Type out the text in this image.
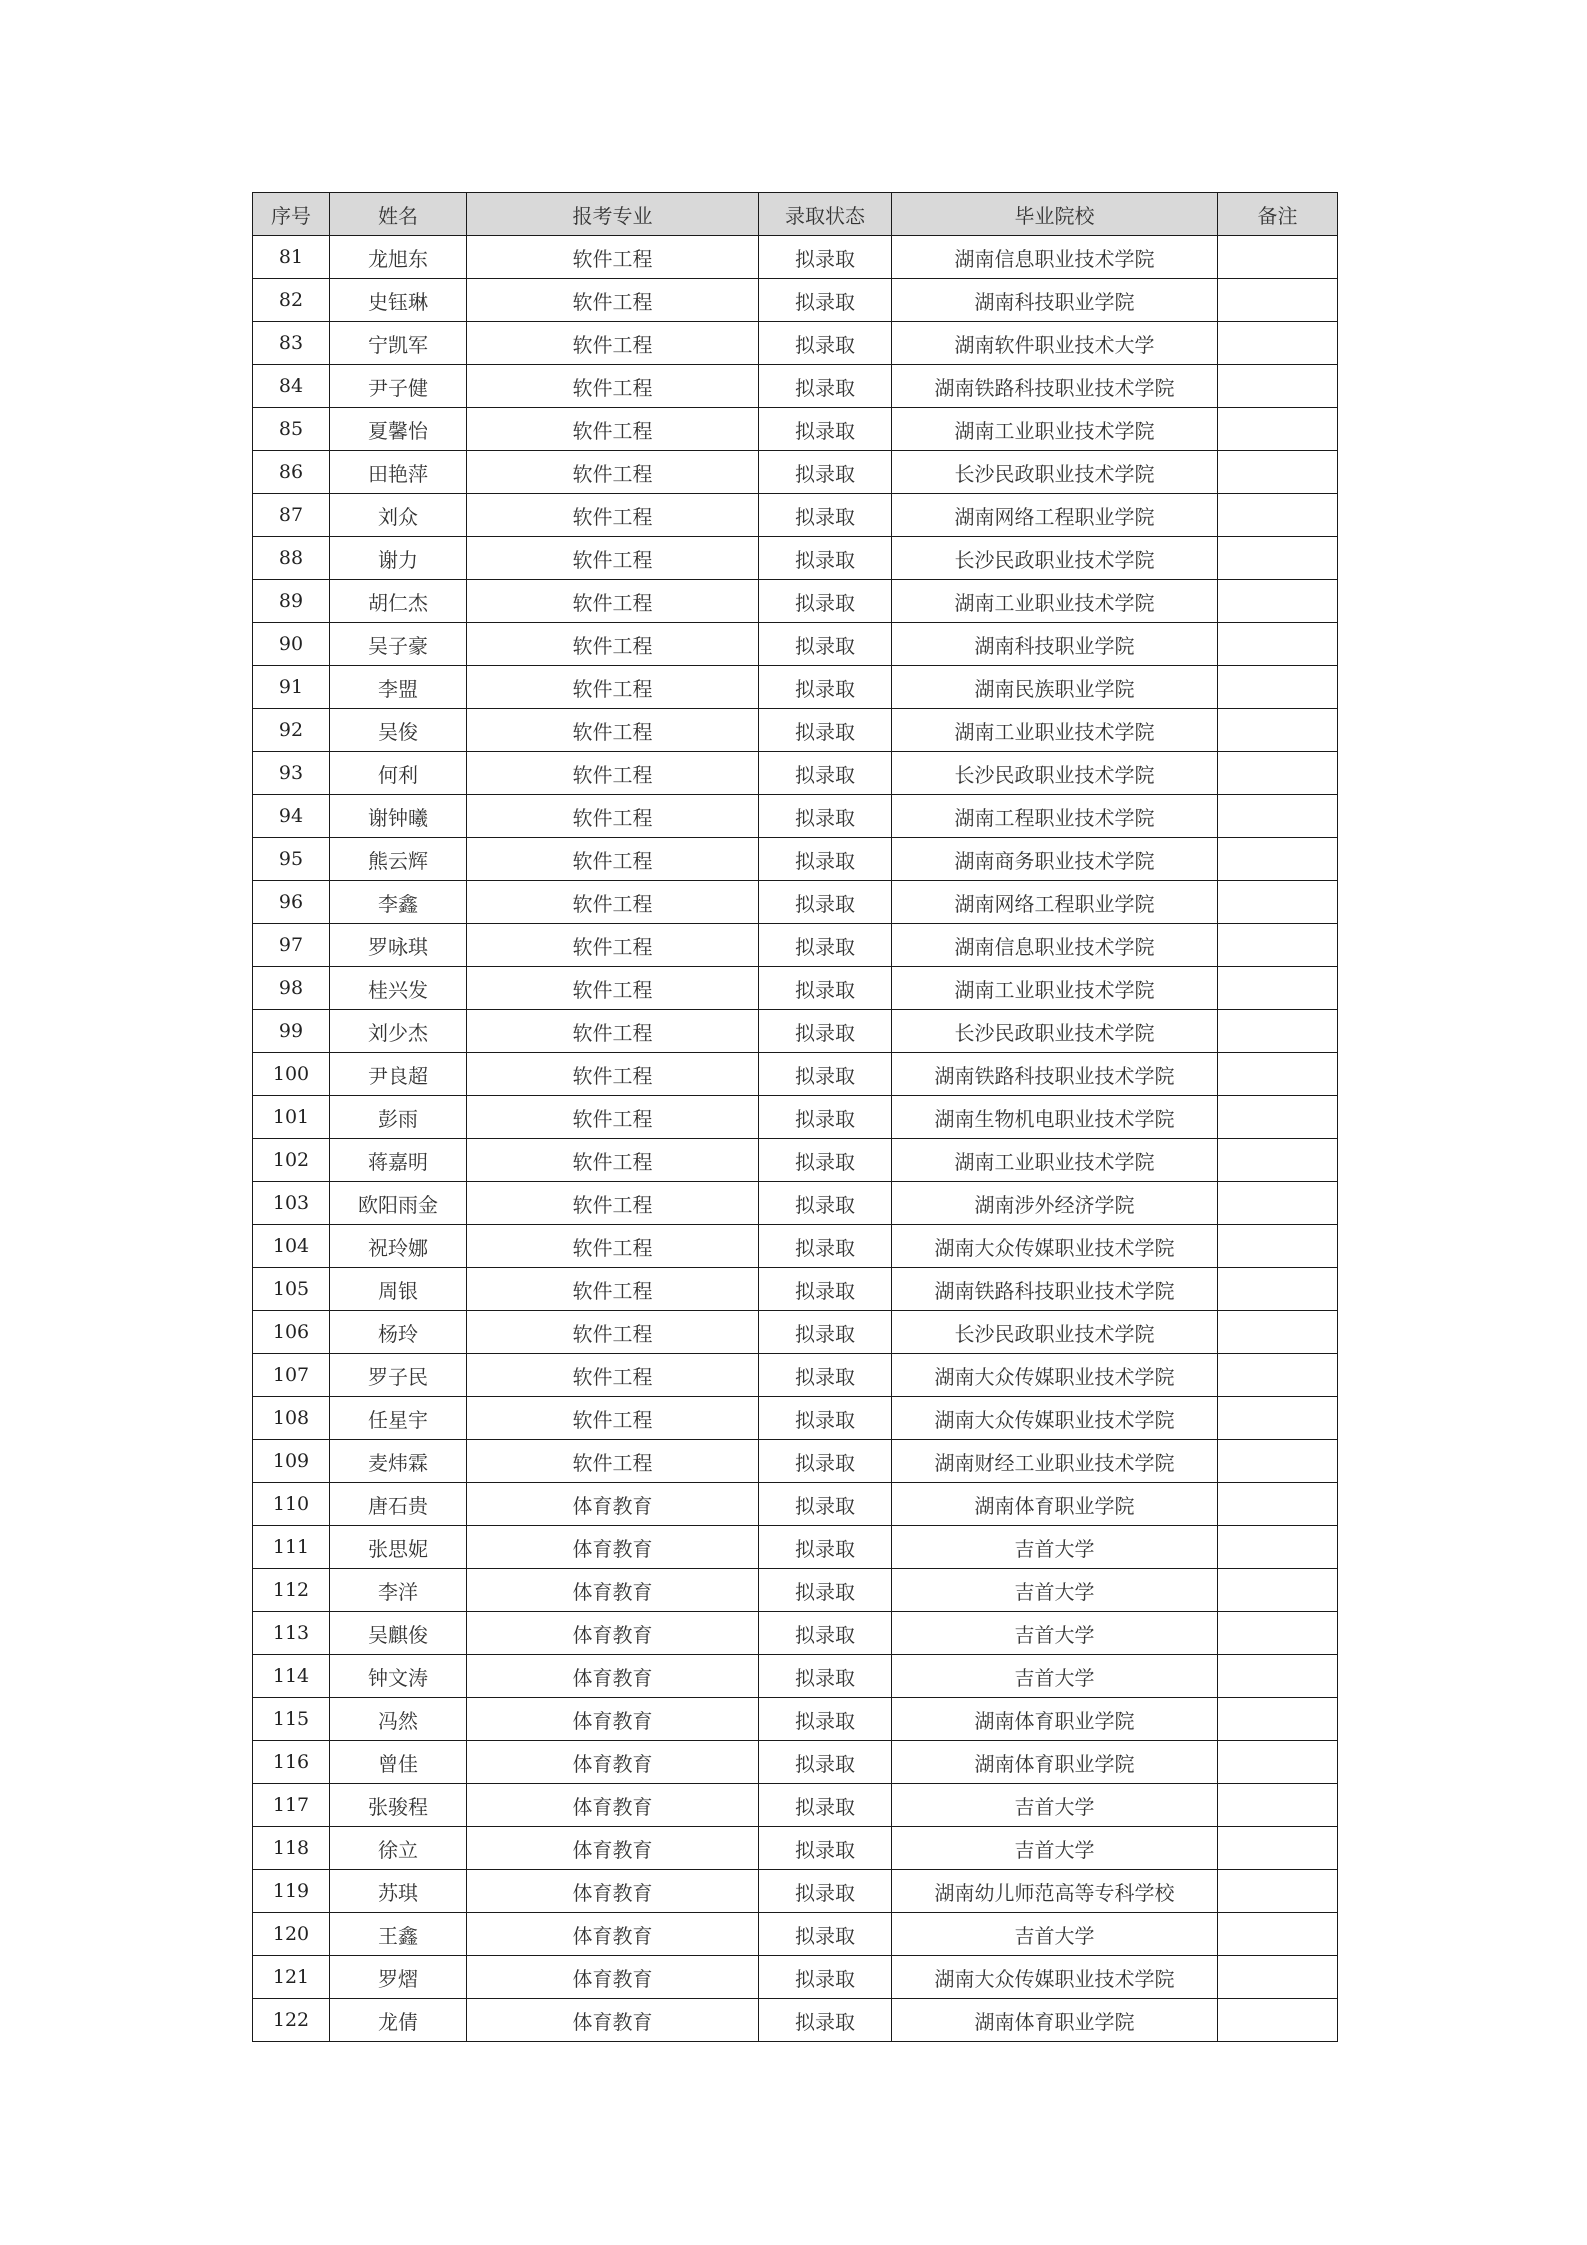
序号	姓名	报考专业	录取状态	毕业院校	备注
81	龙旭东	软件工程	拟录取	湖南信息职业技术学院	
82	史钰琳	软件工程	拟录取	湖南科技职业学院	
83	宁凯军	软件工程	拟录取	湖南软件职业技术大学	
84	尹子健	软件工程	拟录取	湖南铁路科技职业技术学院	
85	夏馨怡	软件工程	拟录取	湖南工业职业技术学院	
86	田艳萍	软件工程	拟录取	长沙民政职业技术学院	
87	刘众	软件工程	拟录取	湖南网络工程职业学院	
88	谢力	软件工程	拟录取	长沙民政职业技术学院	
89	胡仁杰	软件工程	拟录取	湖南工业职业技术学院	
90	吴子豪	软件工程	拟录取	湖南科技职业学院	
91	李盟	软件工程	拟录取	湖南民族职业学院	
92	吴俊	软件工程	拟录取	湖南工业职业技术学院	
93	何利	软件工程	拟录取	长沙民政职业技术学院	
94	谢钟曦	软件工程	拟录取	湖南工程职业技术学院	
95	熊云辉	软件工程	拟录取	湖南商务职业技术学院	
96	李鑫	软件工程	拟录取	湖南网络工程职业学院	
97	罗咏琪	软件工程	拟录取	湖南信息职业技术学院	
98	桂兴发	软件工程	拟录取	湖南工业职业技术学院	
99	刘少杰	软件工程	拟录取	长沙民政职业技术学院	
100	尹良超	软件工程	拟录取	湖南铁路科技职业技术学院	
101	彭雨	软件工程	拟录取	湖南生物机电职业技术学院	
102	蒋嘉明	软件工程	拟录取	湖南工业职业技术学院	
103	欧阳雨金	软件工程	拟录取	湖南涉外经济学院	
104	祝玲娜	软件工程	拟录取	湖南大众传媒职业技术学院	
105	周银	软件工程	拟录取	湖南铁路科技职业技术学院	
106	杨玲	软件工程	拟录取	长沙民政职业技术学院	
107	罗子民	软件工程	拟录取	湖南大众传媒职业技术学院	
108	任星宇	软件工程	拟录取	湖南大众传媒职业技术学院	
109	麦炜霖	软件工程	拟录取	湖南财经工业职业技术学院	
110	唐石贵	体育教育	拟录取	湖南体育职业学院	
111	张思妮	体育教育	拟录取	吉首大学	
112	李洋	体育教育	拟录取	吉首大学	
113	吴麒俊	体育教育	拟录取	吉首大学	
114	钟文涛	体育教育	拟录取	吉首大学	
115	冯然	体育教育	拟录取	湖南体育职业学院	
116	曾佳	体育教育	拟录取	湖南体育职业学院	
117	张骏程	体育教育	拟录取	吉首大学	
118	徐立	体育教育	拟录取	吉首大学	
119	苏琪	体育教育	拟录取	湖南幼儿师范高等专科学校	
120	王鑫	体育教育	拟录取	吉首大学	
121	罗熠	体育教育	拟录取	湖南大众传媒职业技术学院	
122	龙倩	体育教育	拟录取	湖南体育职业学院	
